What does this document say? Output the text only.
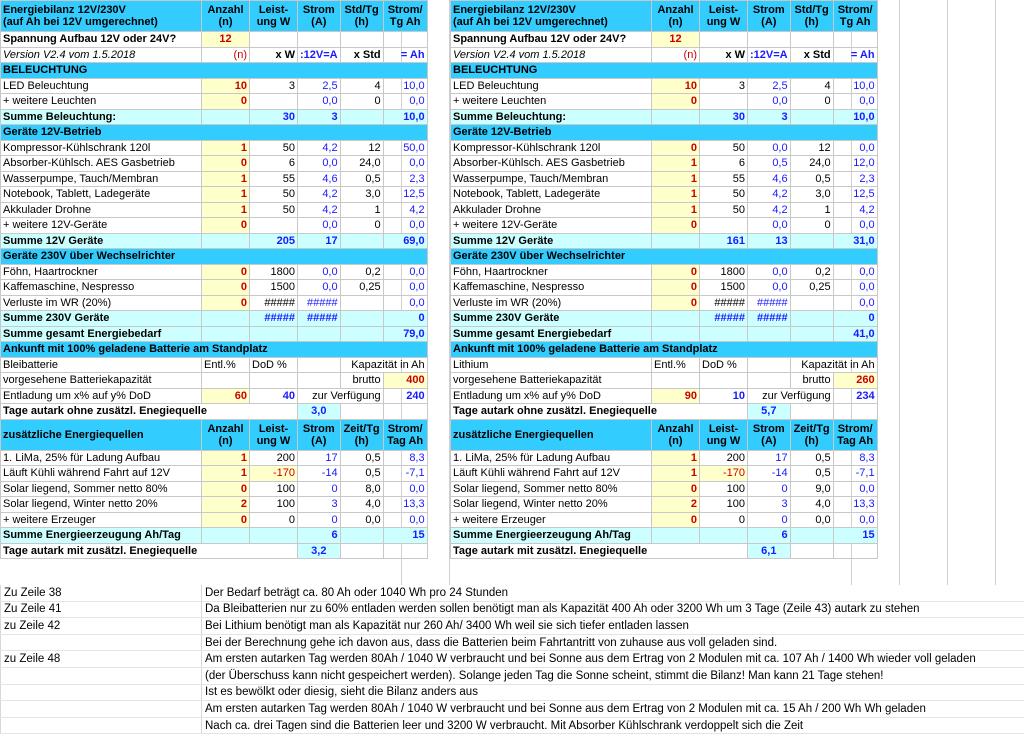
Energiebilanz 12V/230V
(auf Ah bei 12V umgerechnet)	Anzahl (n)	Leist-ung W	Strom (A)	Std/Tg (h)	Strom/ Tg Ah
Spannung Aufbau 12V oder 24V?	12				
Version V2.4 vom 1.5.2018	(n)	x W	:12V=A	x Std	= Ah
BELEUCHTUNG					
LED Beleuchtung	10	3	2,5	4	10,0
+ weitere Leuchten	0		0,0	0	0,0
Summe Beleuchtung:		30	3		10,0
Geräte 12V-Betrieb					
Kompressor-Kühlschrank 120l	1	50	4,2	12	50,0
Absorber-Kühlsch. AES Gasbetrieb	0	6	0,0	24,0	0,0
Wasserpumpe, Tauch/Membran	1	55	4,6	0,5	2,3
Notebook, Tablett, Ladegeräte	1	50	4,2	3,0	12,5
Akkulader Drohne	1	50	4,2	1	4,2
+ weitere 12V-Geräte	0		0,0	0	0,0
Summe 12V Geräte		205	17		69,0
Geräte 230V über Wechselrichter					
Föhn, Haartrockner	0	1800	0,0	0,2	0,0
Kaffemaschine, Nespresso	0	1500	0,0	0,25	0,0
Verluste im WR (20%)	0	#####	#####		0,0
Summe 230V Geräte		#####	#####		0
Summe gesamt Energiebedarf					79,0
Ankunft mit 100% geladene Batterie am Standplatz					
Bleibatterie	Entl.%	DoD %		Kapazität in Ah	
vorgesehene Batteriekapazität				brutto	400
Entladung um x% auf y% DoD	60	40	zur Verfügung		240
Tage autark ohne zusätzl. Enegiequelle			3,0		
zusätzliche Energiequellen	Anzahl (n)	Leist-ung W	Strom (A)	Zeit/Tg (h)	Strom/ Tag Ah
1. LiMa, 25% für Ladung Aufbau	1	200	17	0,5	8,3
Läuft Kühli während Fahrt auf 12V	1	-170	-14	0,5	-7,1
Solar liegend, Sommer netto 80%	0	100	0	8,0	0,0
Solar liegend, Winter netto 20%	2	100	3	4,0	13,3
+ weitere Erzeuger	0	0	0	0,0	0,0
Summe Energieerzeugung Ah/Tag			6		15
Tage autark mit zusätzl. Enegiequelle			3,2		
Energiebilanz 12V/230V
(auf Ah bei 12V umgerechnet)	Anzahl (n)	Leist-ung W	Strom (A)	Std/Tg (h)	Strom/ Tg Ah
Spannung Aufbau 12V oder 24V?	12				
Version V2.4 vom 1.5.2018	(n)	x W	:12V=A	x Std	= Ah
BELEUCHTUNG					
LED Beleuchtung	10	3	2,5	4	10,0
+ weitere Leuchten	0		0,0	0	0,0
Summe Beleuchtung:		30	3		10,0
Geräte 12V-Betrieb					
Kompressor-Kühlschrank 120l	0	50	0,0	12	0,0
Absorber-Kühlsch. AES Gasbetrieb	1	6	0,5	24,0	12,0
Wasserpumpe, Tauch/Membran	1	55	4,6	0,5	2,3
Notebook, Tablett, Ladegeräte	1	50	4,2	3,0	12,5
Akkulader Drohne	1	50	4,2	1	4,2
+ weitere 12V-Geräte	0		0,0	0	0,0
Summe 12V Geräte		161	13		31,0
Geräte 230V über Wechselrichter					
Föhn, Haartrockner	0	1800	0,0	0,2	0,0
Kaffemaschine, Nespresso	0	1500	0,0	0,25	0,0
Verluste im WR (20%)	0	#####	#####		0,0
Summe 230V Geräte		#####	#####		0
Summe gesamt Energiebedarf					41,0
Ankunft mit 100% geladene Batterie am Standplatz					
Lithium	Entl.%	DoD %		Kapazität in Ah	
vorgesehene Batteriekapazität				brutto	260
Entladung um x% auf y% DoD	90	10	zur Verfügung		234
Tage autark ohne zusätzl. Enegiequelle			5,7		
zusätzliche Energiequellen	Anzahl (n)	Leist-ung W	Strom (A)	Zeit/Tg (h)	Strom/ Tag Ah
1. LiMa, 25% für Ladung Aufbau	1	200	17	0,5	8,3
Läuft Kühli während Fahrt auf 12V	1	-170	-14	0,5	-7,1
Solar liegend, Sommer netto 80%	0	100	0	9,0	0,0
Solar liegend, Winter netto 20%	2	100	3	4,0	13,3
+ weitere Erzeuger	0	0	0	0,0	0,0
Summe Energieerzeugung Ah/Tag			6		15
Tage autark mit zusätzl. Enegiequelle			6,1		
Zu Zeile 38	Der Bedarf beträgt ca. 80 Ah oder 1040 Wh pro 24 Stunden
Zu Zeile 41	Da Bleibatterien nur zu 60% entladen werden sollen benötigt man als Kapazität 400 Ah oder 3200 Wh um 3 Tage (Zeile 43) autark zu stehen
zu Zeile 42	Bei Lithium benötigt man als Kapazität nur 260 Ah/ 3400 Wh weil sie sich tiefer entladen lassen
	Bei der Berechnung gehe ich davon aus, dass die Batterien beim Fahrtantritt von zuhause aus voll geladen sind.
zu Zeile 48	Am ersten autarken Tag werden 80Ah / 1040 W verbraucht und bei Sonne aus dem Ertrag von 2 Modulen mit ca. 107 Ah / 1400 Wh wieder voll geladen
	(der Überschuss kann nicht gespeichert werden). Solange jeden Tag die Sonne scheint, stimmt die Bilanz! Man kann 21 Tage stehen!
	Ist es bewölkt oder diesig, sieht die Bilanz anders aus
	Am ersten autarken Tag werden 80Ah / 1040 W verbraucht und bei Sonne aus dem Ertrag von 2 Modulen mit ca. 15 Ah / 200 Wh Wh geladen
	Nach ca. drei Tagen sind die Batterien leer und 3200 W verbraucht. Mit Absorber Kühlschrank verdoppelt sich die Zeit
